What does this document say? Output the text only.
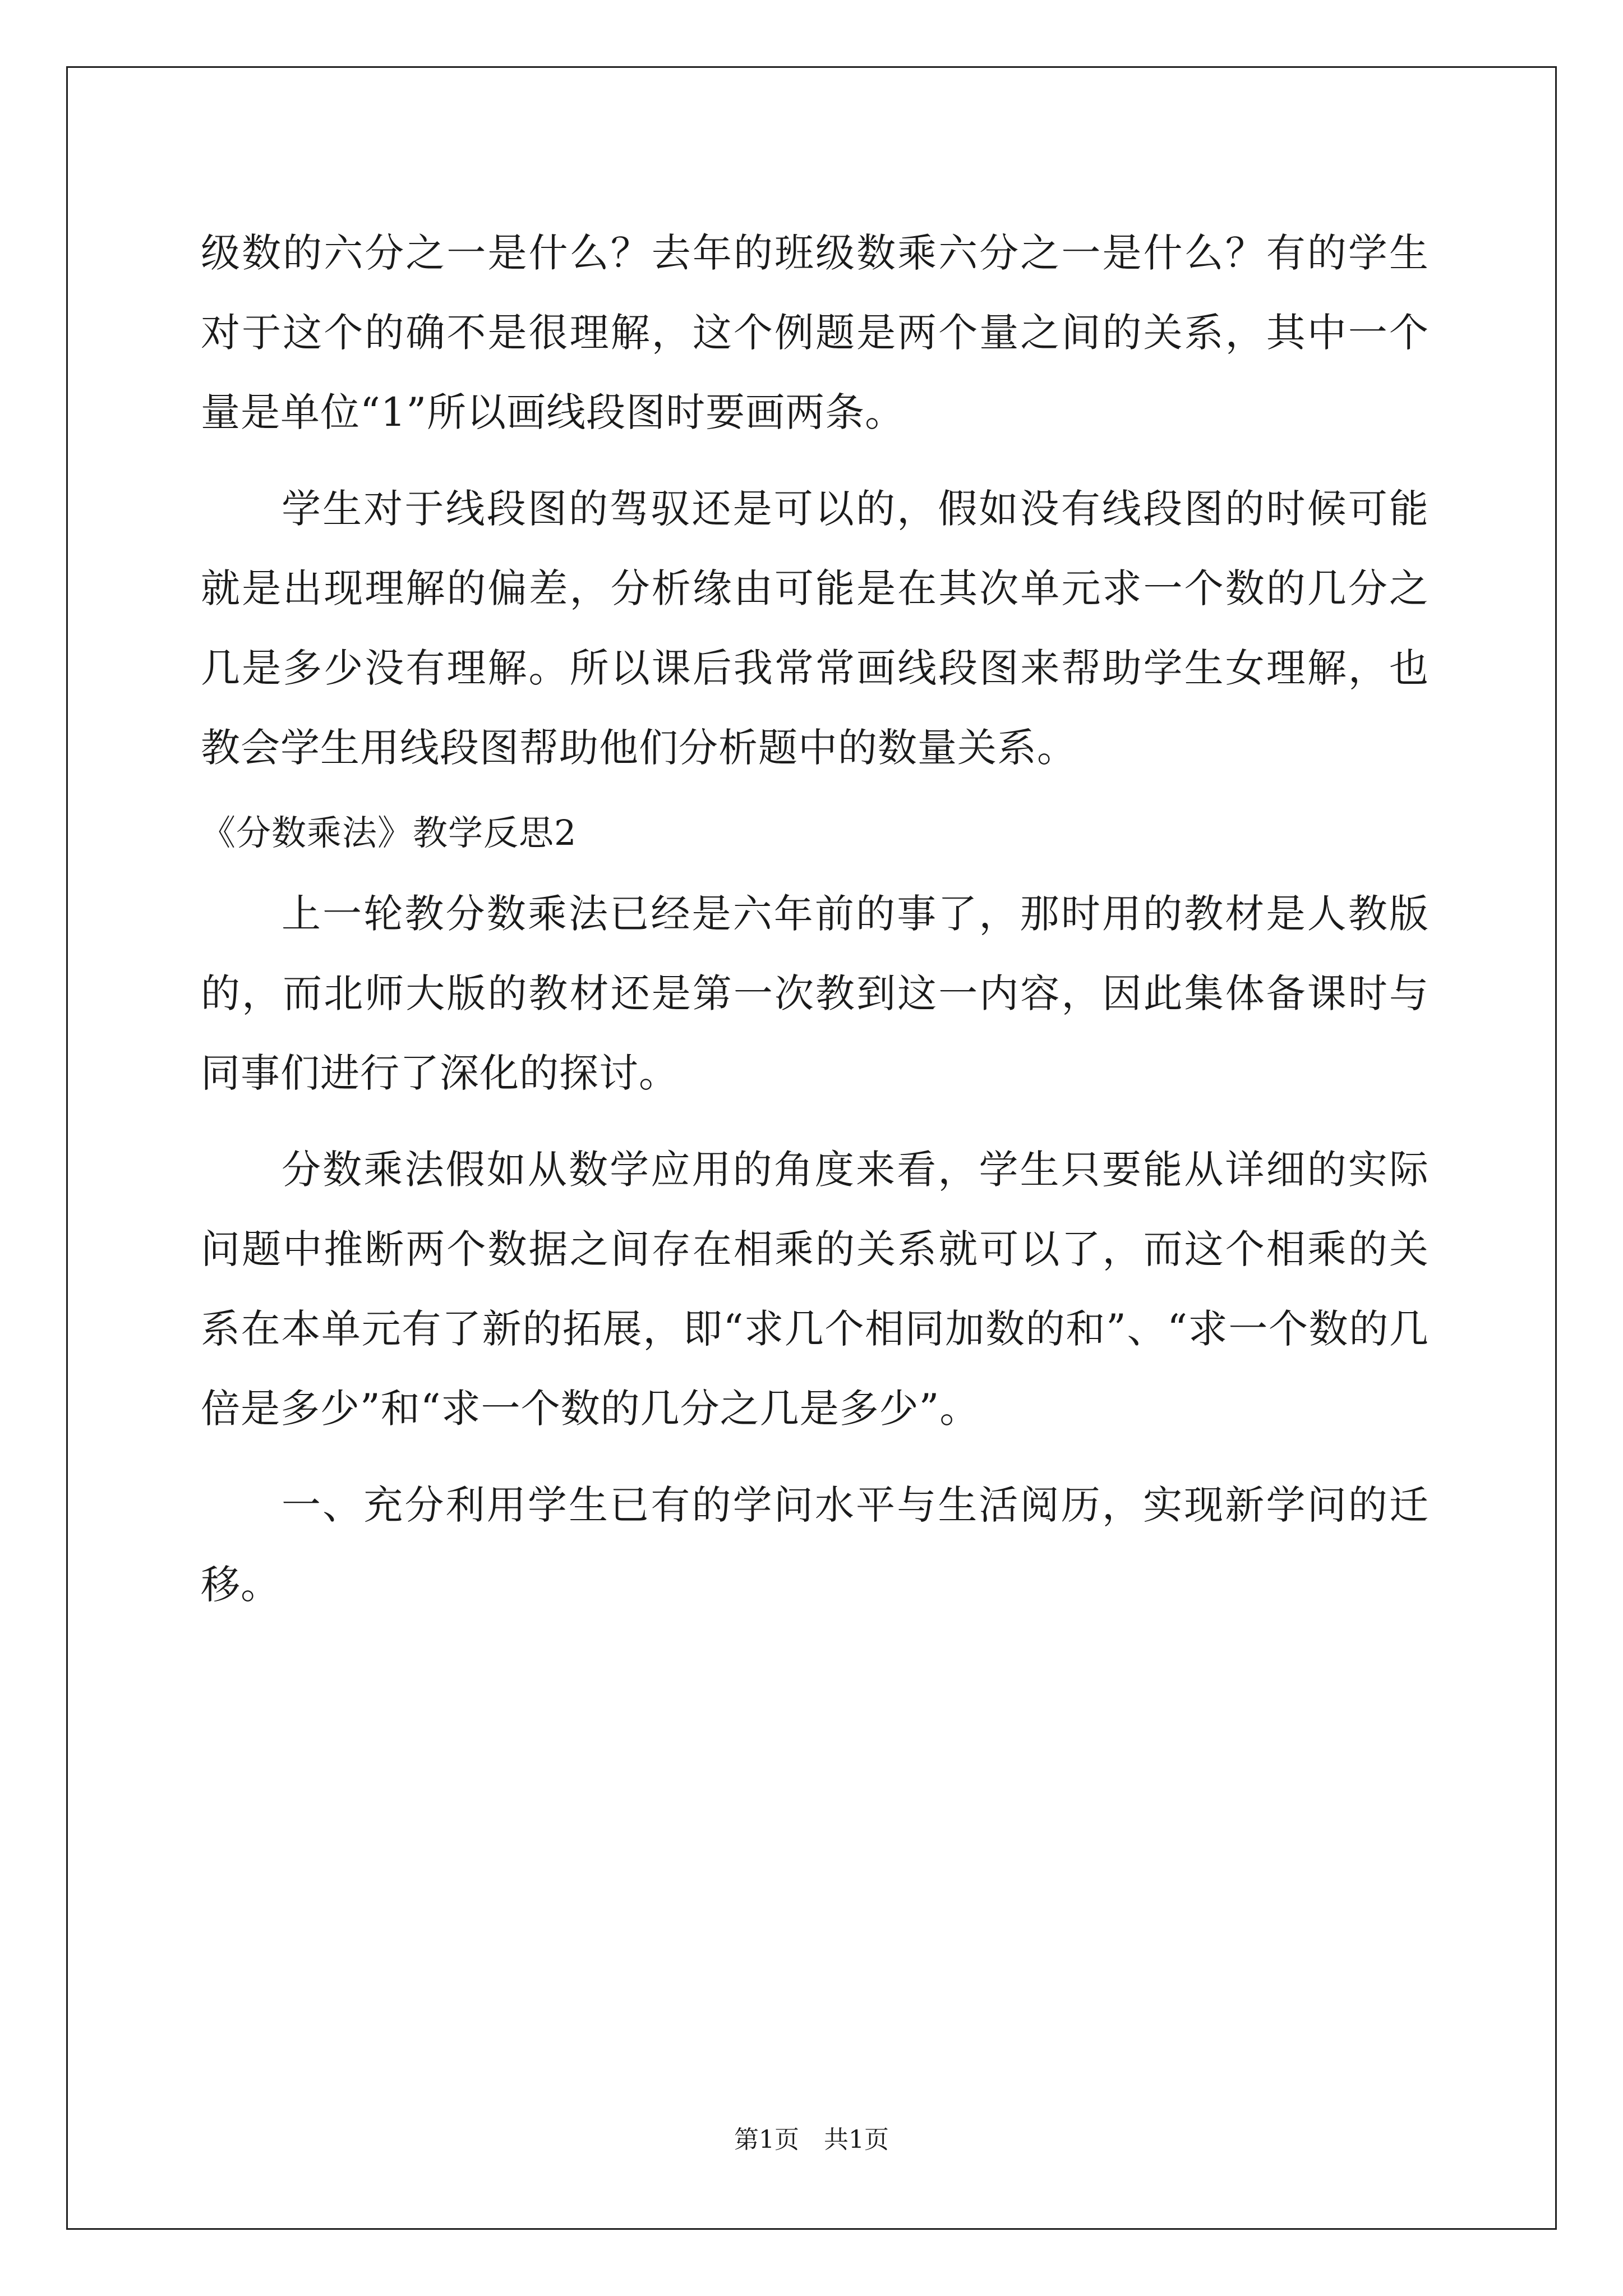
级数的六分之一是什么？去年的班级数乘六分之一是什么？有的学生对于这个的确不是很理解，这个例题是两个量之间的关系，其中一个量是单位“1”所以画线段图时要画两条。

学生对于线段图的驾驭还是可以的，假如没有线段图的时候可能就是出现理解的偏差，分析缘由可能是在其次单元求一个数的几分之几是多少没有理解。所以课后我常常画线段图来帮助学生女理解，也教会学生用线段图帮助他们分析题中的数量关系。

《分数乘法》教学反思2

上一轮教分数乘法已经是六年前的事了，那时用的教材是人教版的，而北师大版的教材还是第一次教到这一内容，因此集体备课时与同事们进行了深化的探讨。

分数乘法假如从数学应用的角度来看，学生只要能从详细的实际问题中推断两个数据之间存在相乘的关系就可以了，而这个相乘的关系在本单元有了新的拓展，即“求几个相同加数的和”、“求一个数的几倍是多少”和“求一个数的几分之几是多少”。

一、充分利用学生已有的学问水平与生活阅历，实现新学问的迁移。

第1页　共1页
